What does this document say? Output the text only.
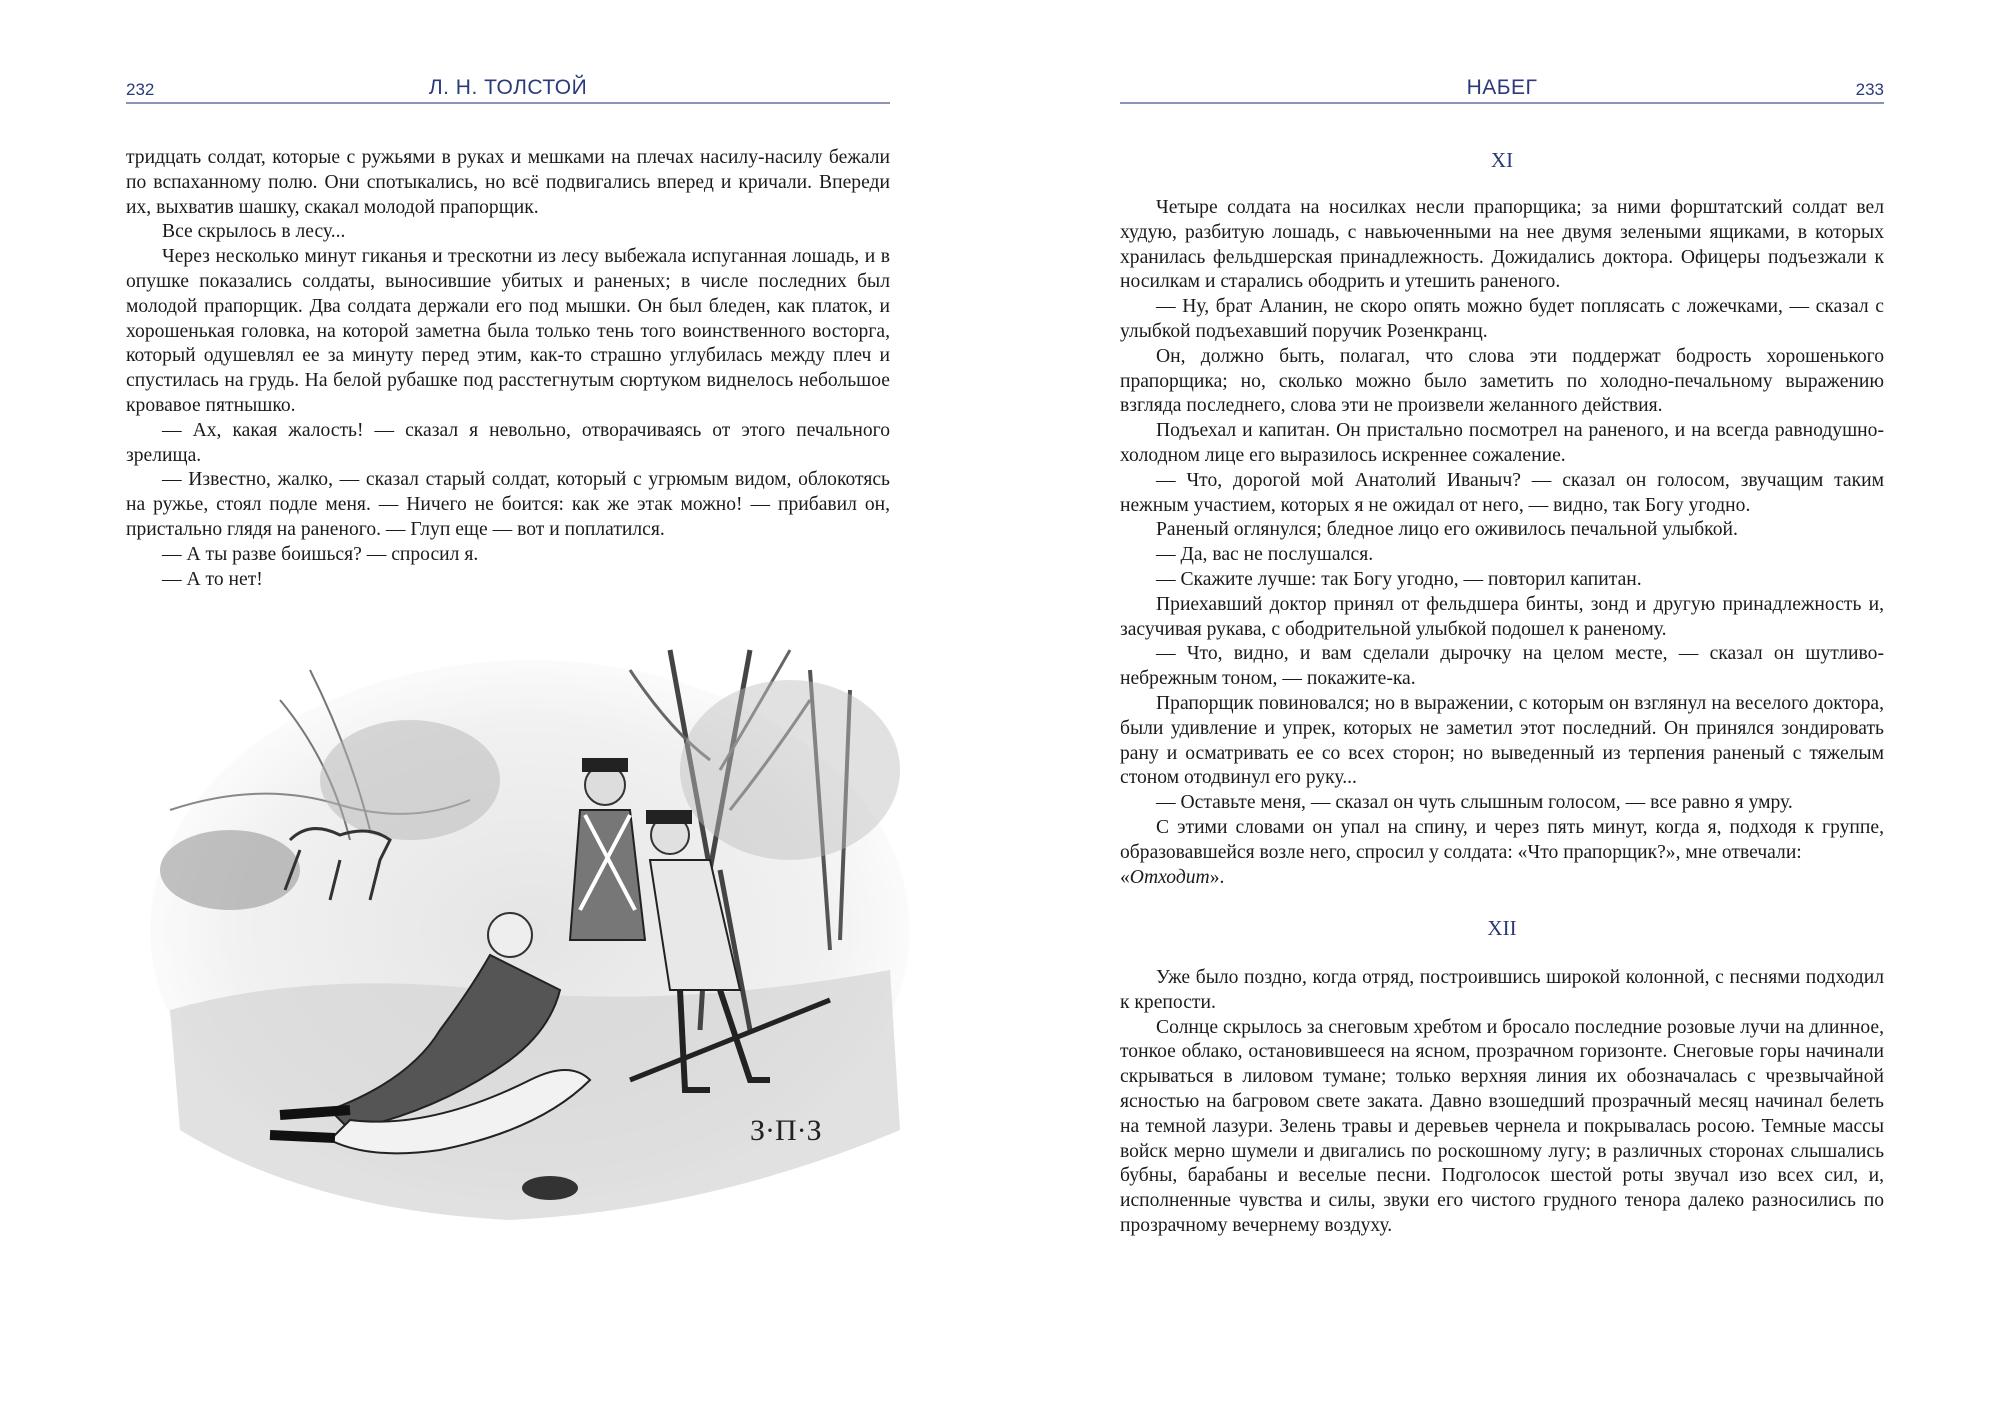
232	Л. Н. ТОЛСТОЙ

тридцать солдат, которые с ружьями в руках и мешками на плечах насилу-насилу бежали по вспаханному полю. Они спотыкались, но всё подвигались вперед и кричали. Впереди их, выхватив шашку, скакал молодой прапорщик.

Все скрылось в лесу...

Через несколько минут гиканья и трескотни из лесу выбежала испуганная лошадь, и в опушке показались солдаты, выносившие убитых и раненых; в числе последних был молодой прапорщик. Два солдата держали его под мышки. Он был бледен, как платок, и хорошенькая головка, на которой заметна была только тень того воинственного восторга, который одушевлял ее за минуту перед этим, как-то страшно углубилась между плеч и спустилась на грудь. На белой рубашке под расстегнутым сюртуком виднелось небольшое кровавое пятнышко.

— Ах, какая жалость! — сказал я невольно, отворачиваясь от этого печального зрелища.

— Известно, жалко, — сказал старый солдат, который с угрюмым видом, облокотясь на ружье, стоял подле меня. — Ничего не боится: как же этак можно! — прибавил он, пристально глядя на раненого. — Глуп еще — вот и поплатился.

— А ты разве боишься? — спросил я.

— А то нет!

З·П·З
НАБЕГ	233
XI

Четыре солдата на носилках несли прапорщика; за ними форштатский солдат вел худую, разбитую лошадь, с навьюченными на нее двумя зелеными ящиками, в которых хранилась фельдшерская принадлежность. Дожидались доктора. Офицеры подъезжали к носилкам и старались ободрить и утешить раненого.

— Ну, брат Аланин, не скоро опять можно будет поплясать с ложечками, — сказал с улыбкой подъехавший поручик Розенкранц.

Он, должно быть, полагал, что слова эти поддержат бодрость хорошенького прапорщика; но, сколько можно было заметить по холодно-печальному выражению взгляда последнего, слова эти не произвели желанного действия.

Подъехал и капитан. Он пристально посмотрел на раненого, и на всегда равнодушно-холодном лице его выразилось искреннее сожаление.

— Что, дорогой мой Анатолий Иваныч? — сказал он голосом, звучащим таким нежным участием, которых я не ожидал от него, — видно, так Богу угодно.

Раненый оглянулся; бледное лицо его оживилось печальной улыбкой.

— Да, вас не послушался.

— Скажите лучше: так Богу угодно, — повторил капитан.

Приехавший доктор принял от фельдшера бинты, зонд и другую принадлежность и, засучивая рукава, с ободрительной улыбкой подошел к раненому.

— Что, видно, и вам сделали дырочку на целом месте, — сказал он шутливо-небрежным тоном, — покажите-ка.

Прапорщик повиновался; но в выражении, с которым он взглянул на веселого доктора, были удивление и упрек, которых не заметил этот последний. Он принялся зондировать рану и осматривать ее со всех сторон; но выведенный из терпения раненый с тяжелым стоном отодвинул его руку...

— Оставьте меня, — сказал он чуть слышным голосом, — все равно я умру.

С этими словами он упал на спину, и через пять минут, когда я, подходя к группе, образовавшейся возле него, спросил у солдата: «Что прапорщик?», мне отвечали:

«Отходит».

XII

Уже было поздно, когда отряд, построившись широкой колонной, с песнями подходил к крепости.

Солнце скрылось за снеговым хребтом и бросало последние розовые лучи на длинное, тонкое облако, остановившееся на ясном, прозрачном горизонте. Снеговые горы начинали скрываться в лиловом тумане; только верхняя линия их обозначалась с чрезвычайной ясностью на багровом свете заката. Давно взошедший прозрачный месяц начинал белеть на темной лазури. Зелень травы и деревьев чернела и покрывалась росою. Темные массы войск мерно шумели и двигались по роскошному лугу; в различных сторонах слышались бубны, барабаны и веселые песни. Подголосок шестой роты звучал изо всех сил, и, исполненные чувства и силы, звуки его чистого грудного тенора далеко разносились по прозрачному вечернему воздуху.
